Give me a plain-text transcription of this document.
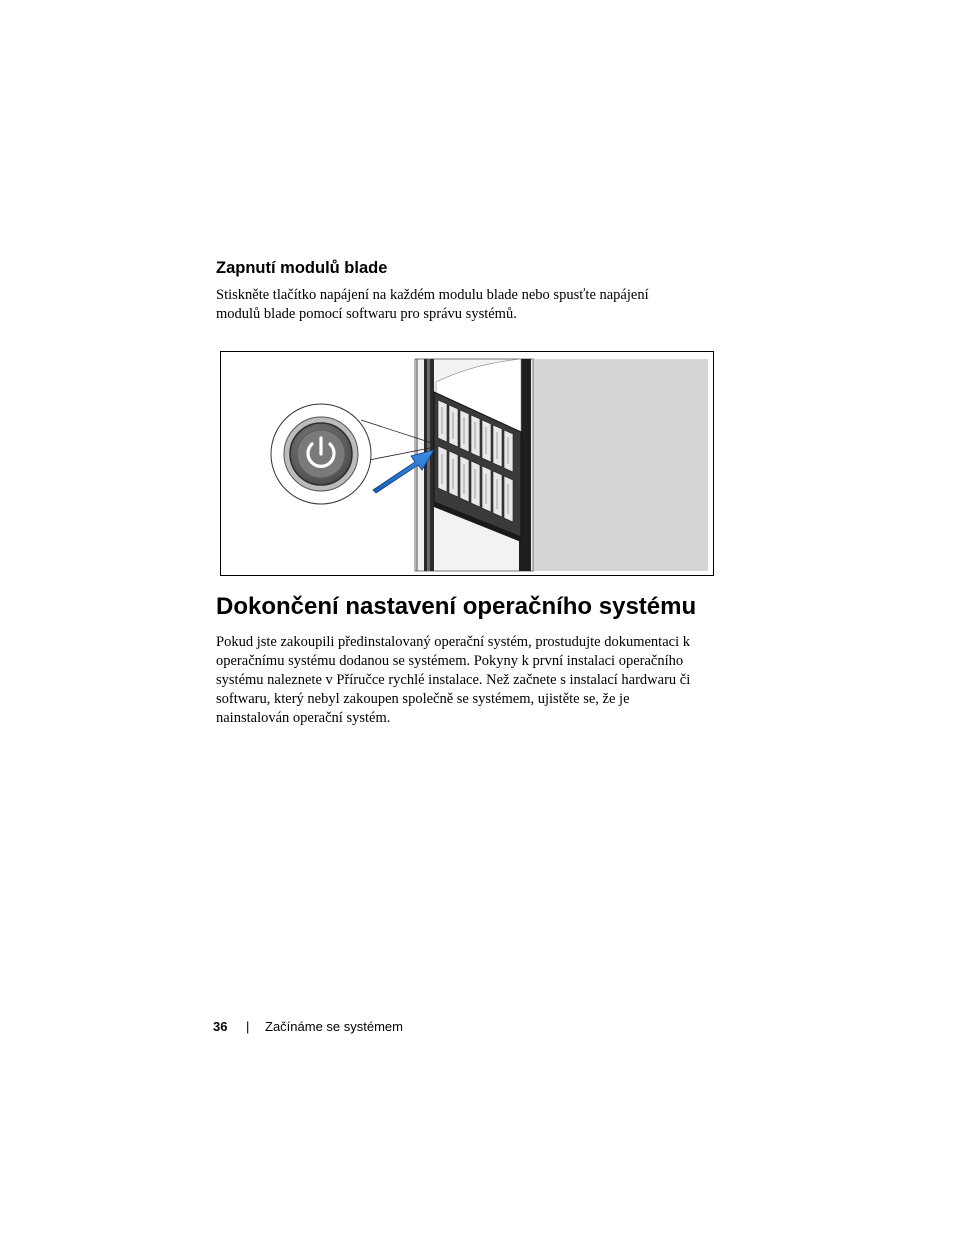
Zapnutí modulů blade

Stiskněte tlačítko napájení na každém modulu blade nebo spusťte napájení
modulů blade pomocí softwaru pro správu systémů.

Dokončení nastavení operačního systému

Pokud jste zakoupili předinstalovaný operační systém, prostudujte dokumentaci k
operačnímu systému dodanou se systémem. Pokyny k první instalaci operačního
systému naleznete v Příručce rychlé instalace. Než začnete s instalací hardwaru či
softwaru, který nebyl zakoupen společně se systémem, ujistěte se, že je
nainstalován operační systém.

36 | Začínáme se systémem
